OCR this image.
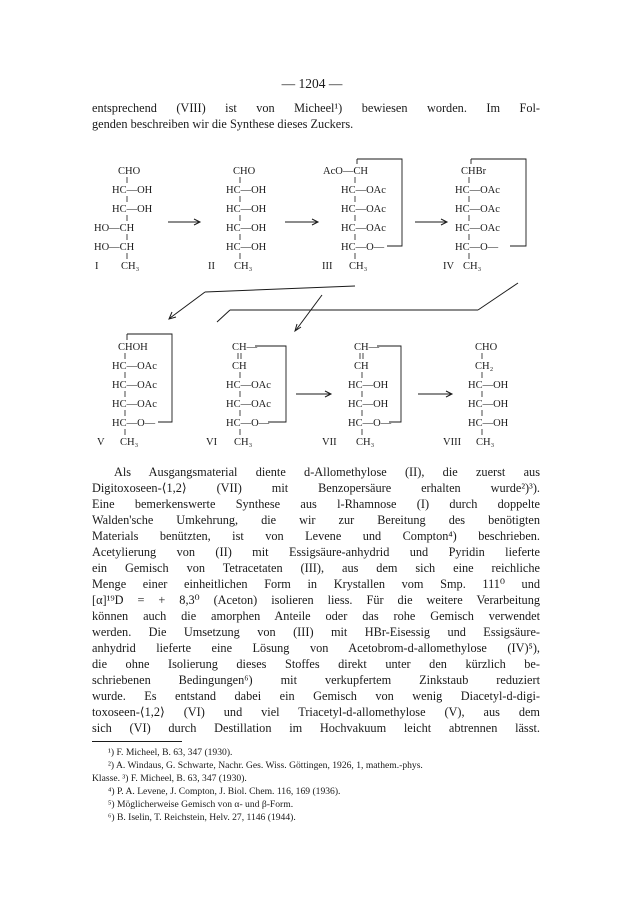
— 1204 —
entsprechend (VIII) ist von Micheel¹) bewiesen worden. Im Fol-
genden beschreiben wir die Synthese dieses Zuckers.
CHO
HC—OH
HC—OH
HO—CH
HO—CH
CH₃
I
CHO
HC—OH
HC—OH
HC—OH
HC—OH
CH₃
II
AcO—CH
HC—OAc
HC—OAc
HC—OAc
HC—O—
CH₃
III
CHBr
HC—OAc
HC—OAc
HC—OAc
HC—O—
CH₃
IV
CHOH
HC—OAc
HC—OAc
HC—OAc
HC—O—
CH₃
V
CH—
CH
HC—OAc
HC—OAc
HC—O—
CH₃
VI
CH—
CH
HC—OH
HC—OH
HC—O—
CH₃
VII
CHO
CH₂
HC—OH
HC—OH
HC—OH
CH₃
VIII
Als Ausgangsmaterial diente d-Allomethylose (II), die zuerst aus
Digitoxoseen-⟨1,2⟩ (VII) mit Benzopersäure erhalten wurde²)³).
Eine bemerkenswerte Synthese aus l-Rhamnose (I) durch doppelte
Walden'sche Umkehrung, die wir zur Bereitung des benötigten
Materials benützten, ist von Levene und Compton⁴) beschrieben.
Acetylierung von (II) mit Essigsäure-anhydrid und Pyridin lieferte
ein Gemisch von Tetracetaten (III), aus dem sich eine reichliche
Menge einer einheitlichen Form in Krystallen vom Smp. 111⁰ und
[α]¹⁹D = + 8,3⁰ (Aceton) isolieren liess. Für die weitere Verarbeitung
können auch die amorphen Anteile oder das rohe Gemisch verwendet
werden. Die Umsetzung von (III) mit HBr-Eisessig und Essigsäure-
anhydrid lieferte eine Lösung von Acetobrom-d-allomethylose (IV)⁵),
die ohne Isolierung dieses Stoffes direkt unter den kürzlich be-
schriebenen Bedingungen⁶) mit verkupfertem Zinkstaub reduziert
wurde. Es entstand dabei ein Gemisch von wenig Diacetyl-d-digi-
toxoseen-⟨1,2⟩ (VI) und viel Triacetyl-d-allomethylose (V), aus dem
sich (VI) durch Destillation im Hochvakuum leicht abtrennen lässt.
¹) F. Micheel, B. 63, 347 (1930).
²) A. Windaus, G. Schwarte, Nachr. Ges. Wiss. Göttingen, 1926, 1, mathem.-phys.
Klasse. ³) F. Micheel, B. 63, 347 (1930).
⁴) P. A. Levene, J. Compton, J. Biol. Chem. 116, 169 (1936).
⁵) Möglicherweise Gemisch von α- und β-Form.
⁶) B. Iselin, T. Reichstein, Helv. 27, 1146 (1944).
